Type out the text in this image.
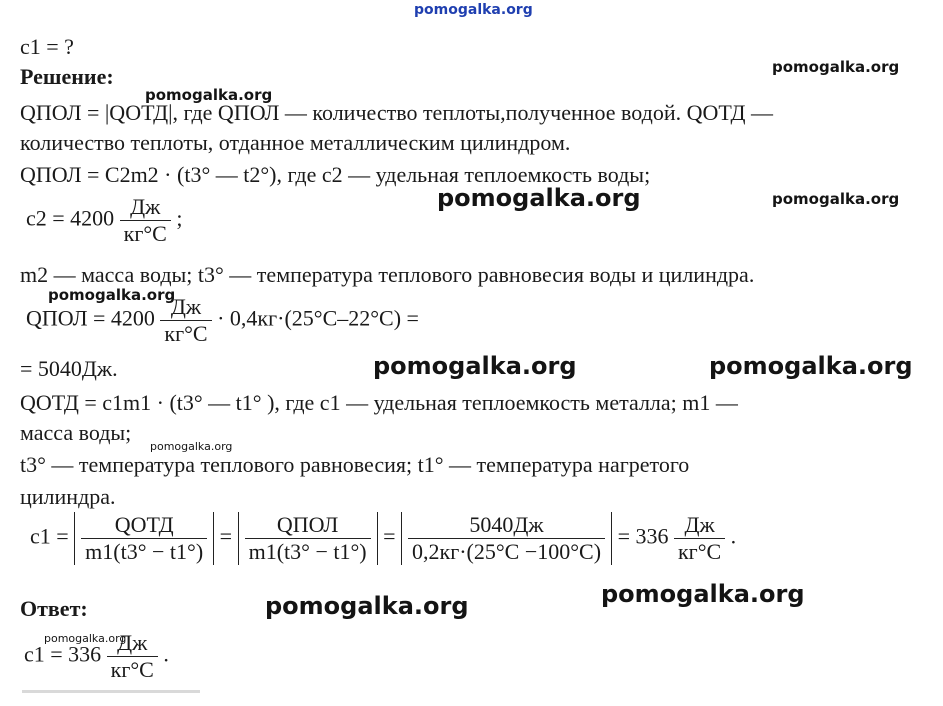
pomogalka.org
pomogalka.org
pomogalka.org
pomogalka.org	pomogalka.org
pomogalka.org
pomogalka.org	pomogalka.org
pomogalka.org
pomogalka.org
pomogalka.org
pomogalka.org
c1 = ?
Решение:
QПОЛ = |QОТД|, где QПОЛ — количество теплоты,полученное водой. QОТД —
количество теплоты, отданное металлическим цилиндром.
QПОЛ = C2m2 · (t3° — t2°), где c2 — удельная теплоемкость воды;
$c2 = 4200 \frac{Дж}{кг^\circ C}$ ;
m2 — масса воды; t3° — температура теплового равновесия воды и цилиндра.
QПОЛ = $4200 \frac{Дж}{кг^\circ C} \cdot 0,4кг\cdot(25^\circ C-22^\circ C)$ =
= 5040Дж.
QОТД = c1m1 · (t3° — t1° ), где c1 — удельная теплоемкость металла; m1 —
масса воды;
t3° — температура теплового равновесия; t1° — температура нагретого
цилиндра.
$c1 = \frac{\text{QОТД}}{m1(t3^\circ - t1^\circ)} = \frac{\text{QПОЛ}}{m1(t3^\circ - t1^\circ)} = \frac{5040Дж}{0,2кг\cdot(25^\circ C -100^\circ C)} = 336 \frac{Дж}{кг^\circ C}$ .
Ответ:
$c1 = 336 \frac{Дж}{кг^\circ C}$ .
